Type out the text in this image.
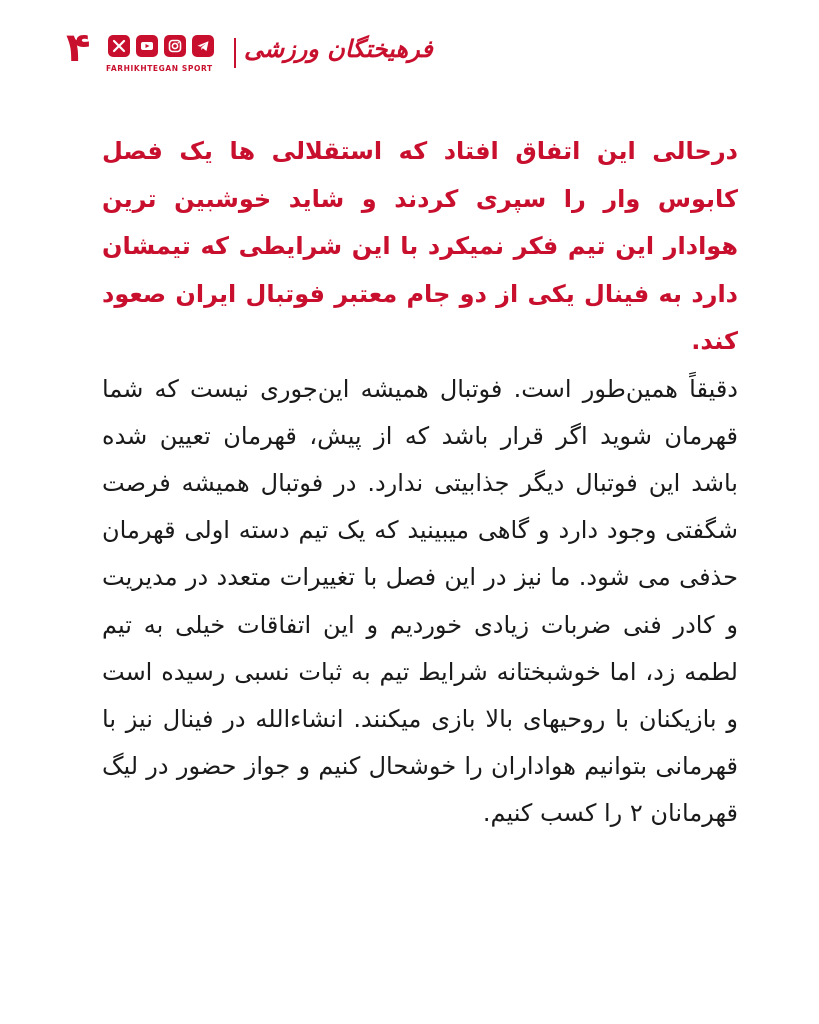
۴ FARHIKHTEGAN SPORT
فرهیختگان ورزشی

درحالی این اتفاق افتاد که استقلالی ها یک فصل کابوس وار را سپری کردند و شاید خوشبین ترین هوادار این تیم فکر نمیکرد با این شرایطی که تیمشان دارد به فینال یکی از دو جام معتبر فوتبال ایران صعود کند.

دقیقاً همین‌طور است. فوتبال همیشه این‌جوری نیست که شما قهرمان شوید اگر قرار باشد که از پیش، قهرمان تعیین شده باشد این فوتبال دیگر جذابیتی ندارد. در فوتبال همیشه فرصت شگفتی وجود دارد و گاهی میبینید که یک تیم دسته اولی قهرمان حذفی می شود. ما نیز در این فصل با تغییرات متعدد در مدیریت و کادر فنی ضربات زیادی خوردیم و این اتفاقات خیلی به تیم لطمه زد، اما خوشبختانه شرایط تیم به ثبات نسبی رسیده است و بازیکنان با روحیهای بالا بازی میکنند. انشاءالله در فینال نیز با قهرمانی بتوانیم هواداران را خوشحال کنیم و جواز حضور در لیگ قهرمانان ۲ را کسب کنیم.
